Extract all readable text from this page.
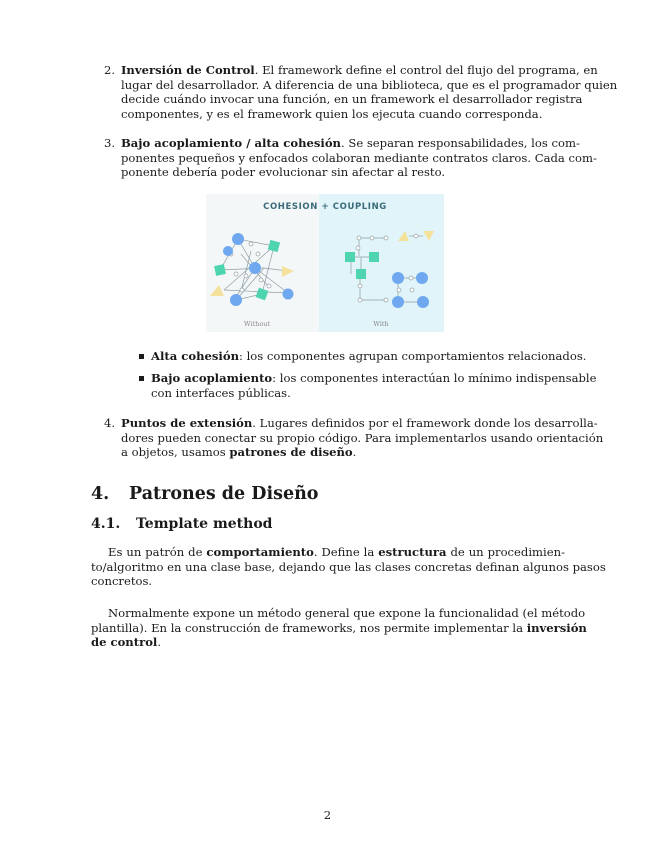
2. Inversión de Control. El framework define el control del flujo del programa, en
lugar del desarrollador. A diferencia de una biblioteca, que es el programador quien
decide cuándo invocar una función, en un framework el desarrollador registra
componentes, y es el framework quien los ejecuta cuando corresponda.
3. Bajo acoplamiento / alta cohesión. Se separan responsabilidades, los com-
ponentes pequeños y enfocados colaboran mediante contratos claros. Cada com-
ponente debería poder evolucionar sin afectar al resto.
COHESION + COUPLING
Without	With
Alta cohesión: los componentes agrupan comportamientos relacionados.
Bajo acoplamiento: los componentes interactúan lo mínimo indispensable
con interfaces públicas.
4. Puntos de extensión. Lugares definidos por el framework donde los desarrolla-
dores pueden conectar su propio código. Para implementarlos usando orientación
a objetos, usamos patrones de diseño.
4. Patrones de Diseño
4.1. Template method
Es un patrón de comportamiento. Define la estructura de un procedimien-
to/algoritmo en una clase base, dejando que las clases concretas definan algunos pasos
concretos.
Normalmente expone un método general que expone la funcionalidad (el método
plantilla). En la construcción de frameworks, nos permite implementar la inversión
de control.
2
